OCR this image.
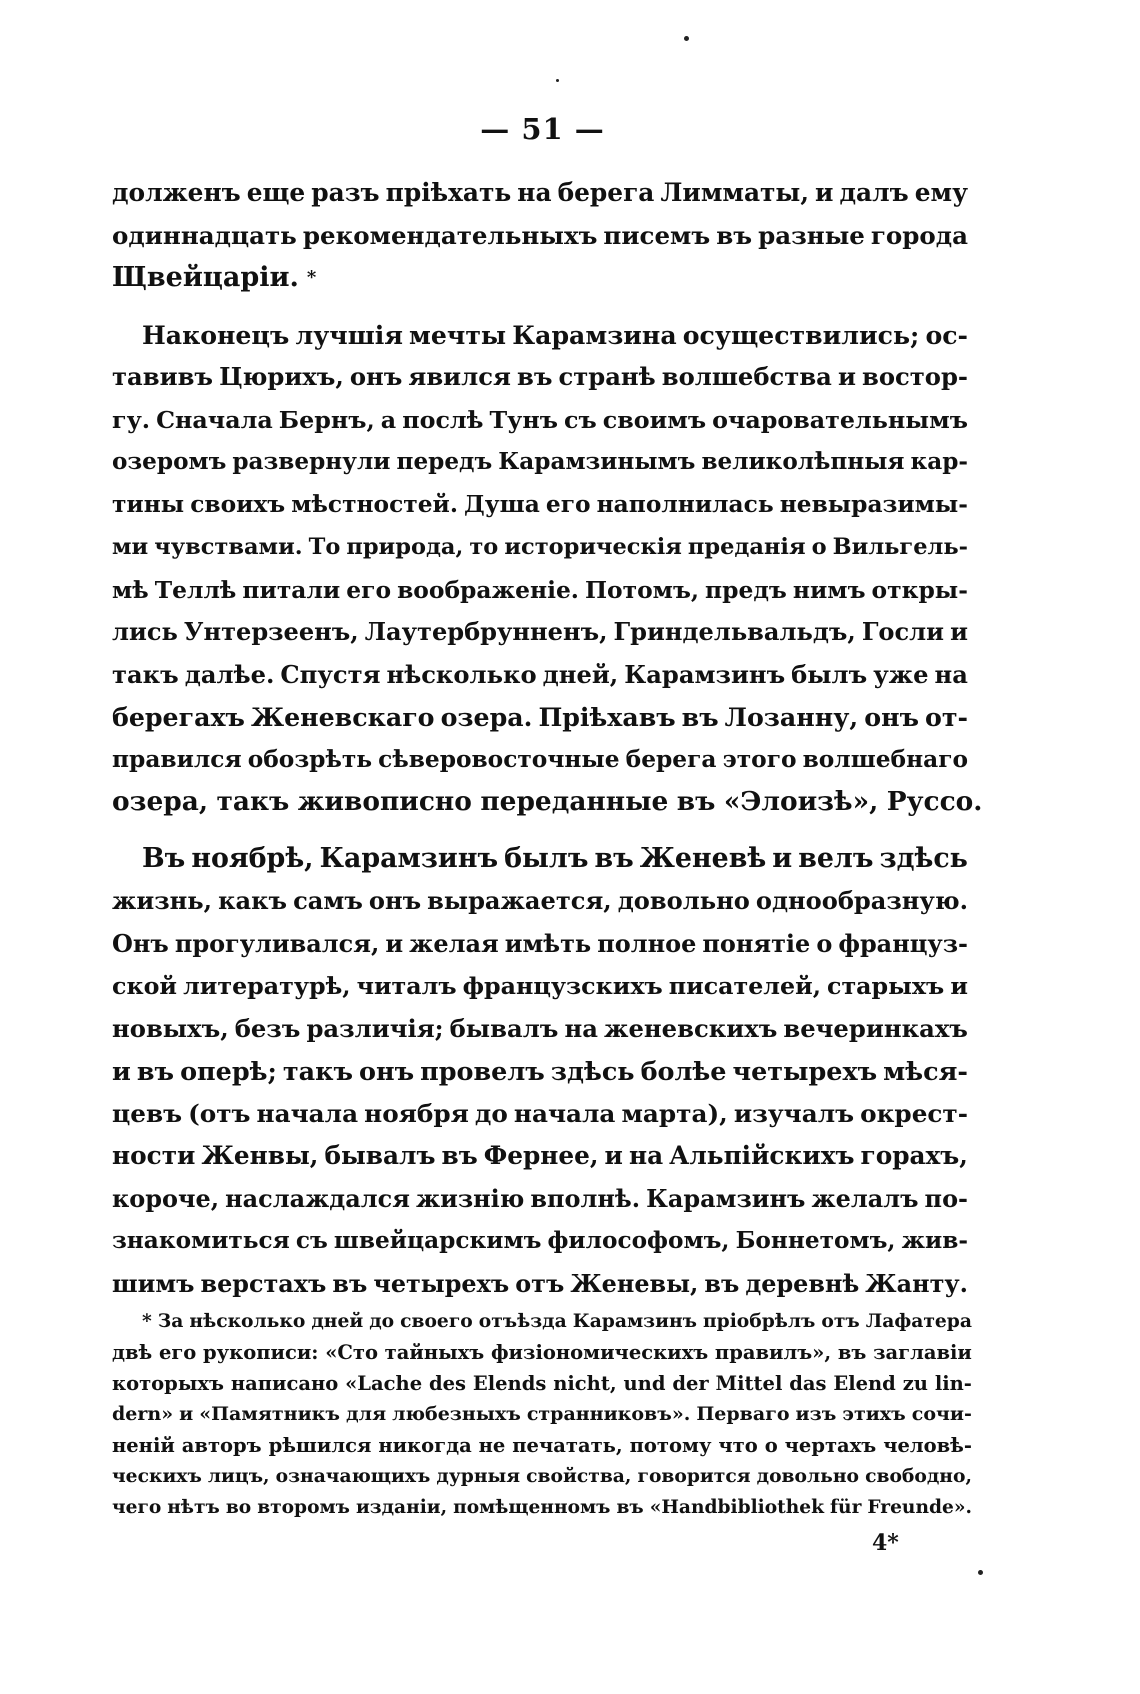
— 51 —
долженъ еще разъ пріѣхать на берега Лимматы, и далъ ему
одиннадцать рекомендательныхъ писемъ въ разные города
Щвейцаріи. *
Наконецъ лучшія мечты Карамзина осуществились; ос-
тавивъ Цюрихъ, онъ явился въ странѣ волшебства и востор-
гу. Сначала Бернъ, а послѣ Тунъ съ своимъ очаровательнымъ
озеромъ развернули передъ Карамзинымъ великолѣпныя кар-
тины своихъ мѣстностей. Душа его наполнилась невыразимы-
ми чувствами. То природа, то историческія преданія о Вильгель-
мѣ Теллѣ питали его воображеніе. Потомъ, предъ нимъ откры-
лись Унтерзеенъ, Лаутербрунненъ, Гриндельвальдъ, Госли и
такъ далѣе. Спустя нѣсколько дней, Карамзинъ былъ уже на
берегахъ Женевскаго озера. Пріѣхавъ въ Лозанну, онъ от-
правился обозрѣть сѣверовосточные берега этого волшебнаго
озера, такъ живописно переданные въ «Элоизѣ», Руссо.
Въ ноябрѣ, Карамзинъ былъ въ Женевѣ и велъ здѣсь
жизнь, какъ самъ онъ выражается, довольно однообразную.
Онъ прогуливался, и желая имѣть полное понятіе о француз-
ской литературѣ, читалъ французскихъ писателей, старыхъ и
новыхъ, безъ различія; бывалъ на женевскихъ вечеринкахъ
и въ оперѣ; такъ онъ провелъ здѣсь болѣе четырехъ мѣся-
цевъ (отъ начала ноября до начала марта), изучалъ окрест-
ности Женвы, бывалъ въ Фернеe, и на Альпійскихъ горахъ,
короче, наслаждался жизнію вполнѣ. Карамзинъ желалъ по-
знакомиться съ швейцарскимъ философомъ, Боннетомъ, жив-
шимъ верстахъ въ четырехъ отъ Женевы, въ деревнѣ Жанту.
* За нѣсколько дней до своего отъѣзда Карамзинъ пріобрѣлъ отъ Лафатера
двѣ его рукописи: «Сто тайныхъ физіономическихъ правилъ», въ заглавіи
которыхъ написано «Lache des Elends nicht, und der Mittel das Elend zu lin-
dern» и «Памятникъ для любезныхъ странниковъ». Перваго изъ этихъ сочи-
неній авторъ рѣшился никогда не печатать, потому что о чертахъ человѣ-
ческихъ лицъ, означающихъ дурныя свойства, говорится довольно свободно,
чего нѣтъ во второмъ изданіи, помѣщенномъ въ «Handbibliothek für Freunde».
4*
